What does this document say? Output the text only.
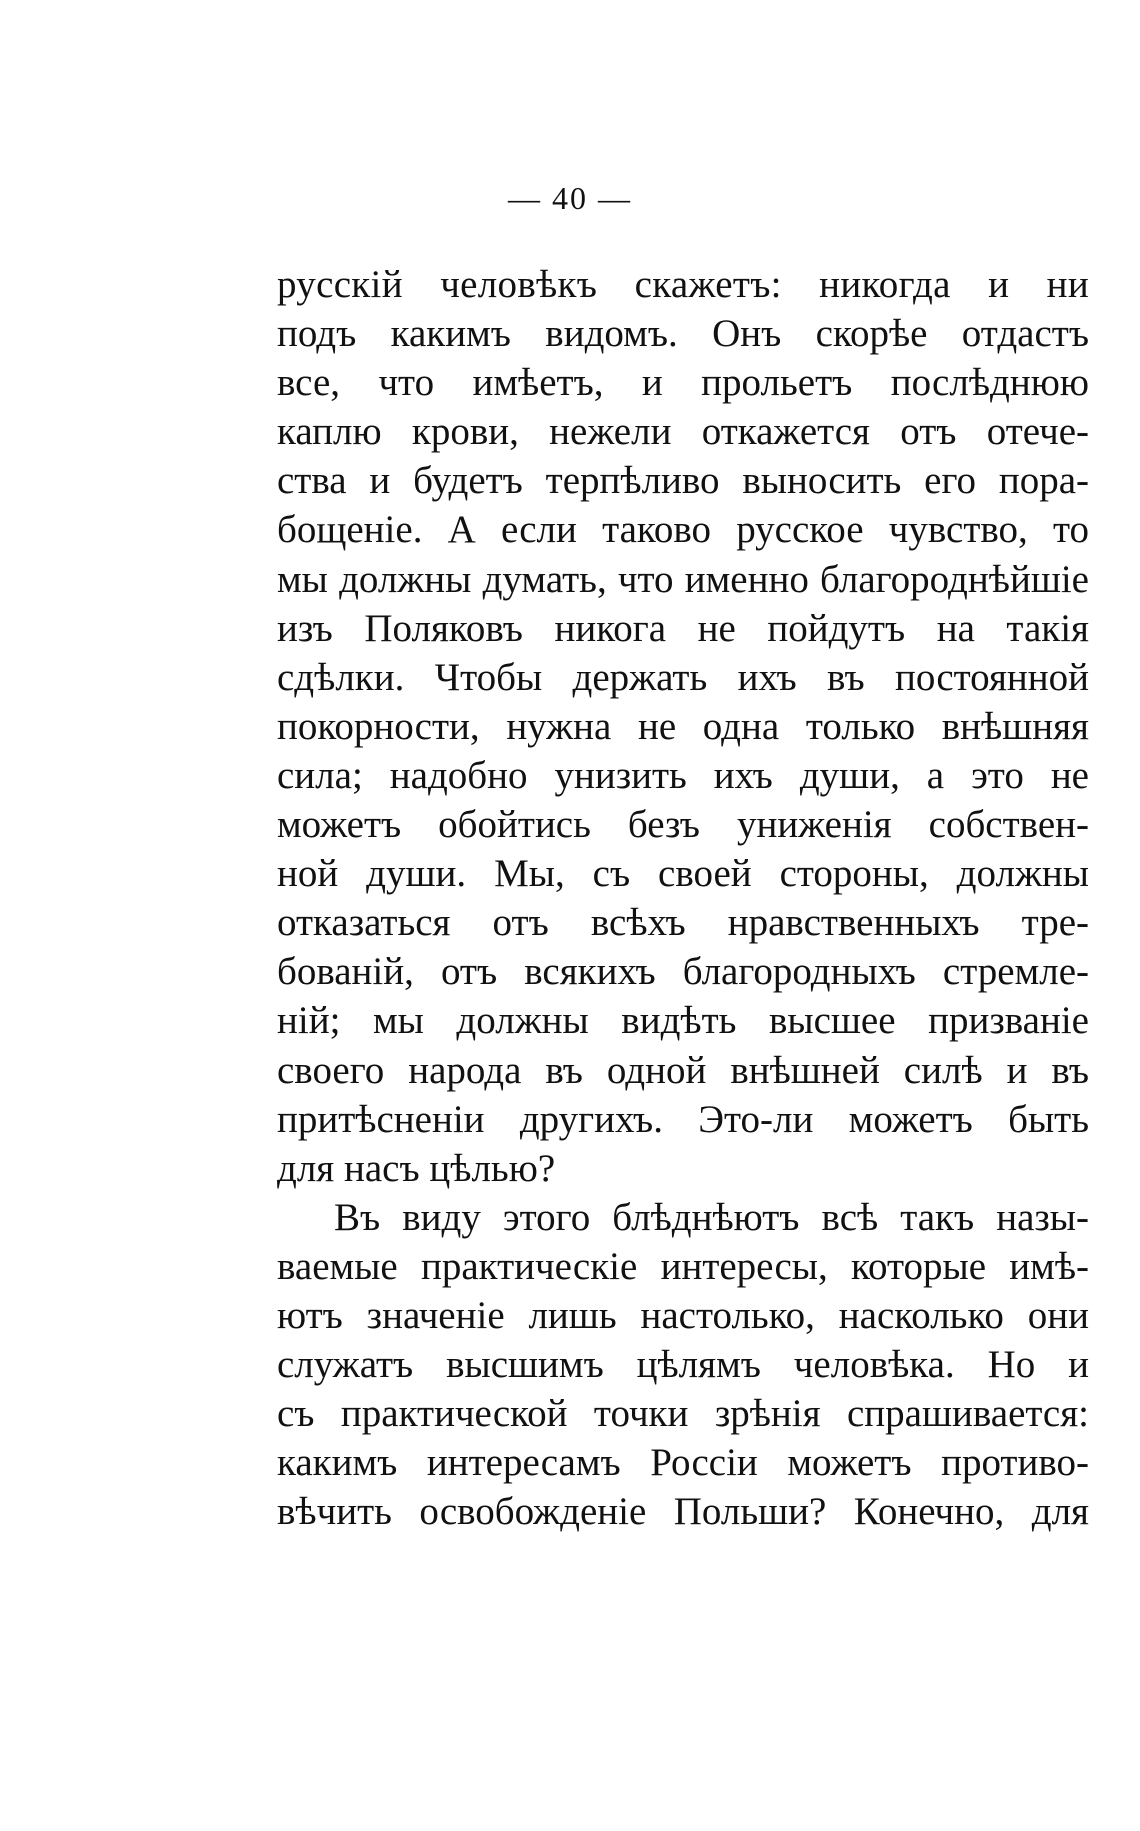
— 40 —
русскій человѣкъ скажетъ: никогда и ни
подъ какимъ видомъ. Онъ скорѣе отдастъ
все, что имѣетъ, и прольетъ послѣднюю
каплю крови, нежели откажется отъ отече-
ства и будетъ терпѣливо выносить его пора-
бощеніе. А если таково русское чувство, то
мы должны думать, что именно благороднѣйшіе
изъ Поляковъ никога не пойдутъ на такія
сдѣлки. Чтобы держать ихъ въ постоянной
покорности, нужна не одна только внѣшняя
сила; надобно унизить ихъ души, а это не
можетъ обойтись безъ униженія собствен-
ной души. Мы, съ своей стороны, должны
отказаться отъ всѣхъ нравственныхъ тре-
бованій, отъ всякихъ благородныхъ стремле-
ній; мы должны видѣть высшее призваніе
своего народа въ одной внѣшней силѣ и въ
притѣсненіи другихъ. Это-ли можетъ быть
для насъ цѣлью?
Въ виду этого блѣднѣютъ всѣ такъ назы-
ваемые практическіе интересы, которые имѣ-
ютъ значеніе лишь настолько, насколько они
служатъ высшимъ цѣлямъ человѣка. Но и
съ практической точки зрѣнія спрашивается:
какимъ интересамъ Россіи можетъ противо-
вѣчить освобожденіе Польши? Конечно, для
